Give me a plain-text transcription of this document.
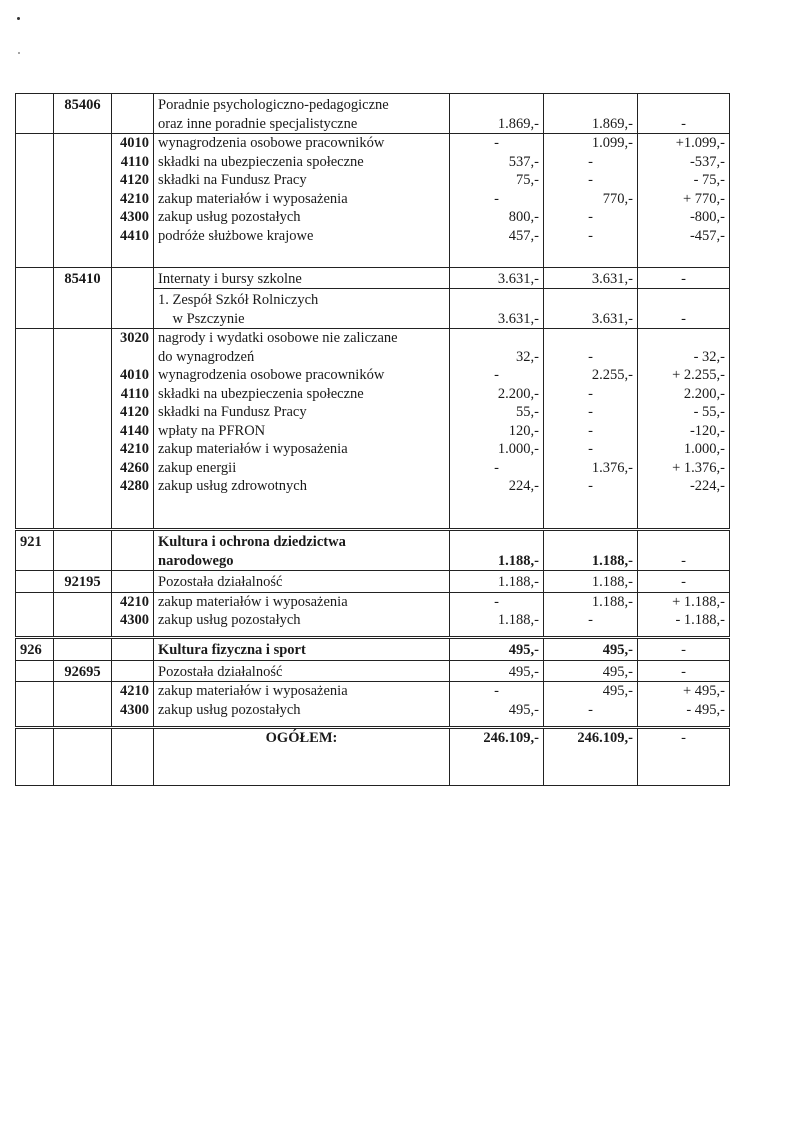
	85406		Poradnie psychologiczno-pedagogiczne
oraz inne poradnie specjalistyczne	1.869,-	1.869,-	-
		4010	wynagrodzenia osobowe pracowników	-	1.099,-	+1.099,-
		4110	składki na ubezpieczenia społeczne	537,-	-	-537,-
		4120	składki na Fundusz Pracy	75,-	-	- 75,-
		4210	zakup materiałów i wyposażenia	-	770,-	+ 770,-
		4300	zakup usług pozostałych	800,-	-	-800,-
		4410	podróże służbowe krajowe	457,-	-	-457,-

	85410		Internaty i bursy szkolne	3.631,-	3.631,-	-

			1. Zespół Szkół Rolniczych
w Pszczynie	3.631,-	3.631,-	-
		3020	nagrody i wydatki osobowe nie zaliczane
do wynagrodzeń	32,-	-	- 32,-
		4010	wynagrodzenia osobowe pracowników	-	2.255,-	+ 2.255,-
		4110	składki na ubezpieczenia społeczne	2.200,-	-	2.200,-
		4120	składki na Fundusz Pracy	55,-	-	- 55,-
		4140	wpłaty na PFRON	120,-	-	-120,-
		4210	zakup materiałów i wyposażenia	1.000,-	-	1.000,-
		4260	zakup energii	-	1.376,-	+ 1.376,-
		4280	zakup usług zdrowotnych	224,-	-	-224,-

921			Kultura i ochrona dziedzictwa
narodowego	1.188,-	1.188,-	-
	92195		Pozostała działalność	1.188,-	1.188,-	-
		4210	zakup materiałów i wyposażenia	-	1.188,-	+ 1.188,-
		4300	zakup usług pozostałych	1.188,-	-	- 1.188,-

926			Kultura fizyczna i sport	495,-	495,-	-
	92695		Pozostała działalność	495,-	495,-	-
		4210	zakup materiałów i wyposażenia	-	495,-	+ 495,-
		4300	zakup usług pozostałych	495,-	-	- 495,-

			OGÓŁEM:	246.109,-	246.109,-	-
